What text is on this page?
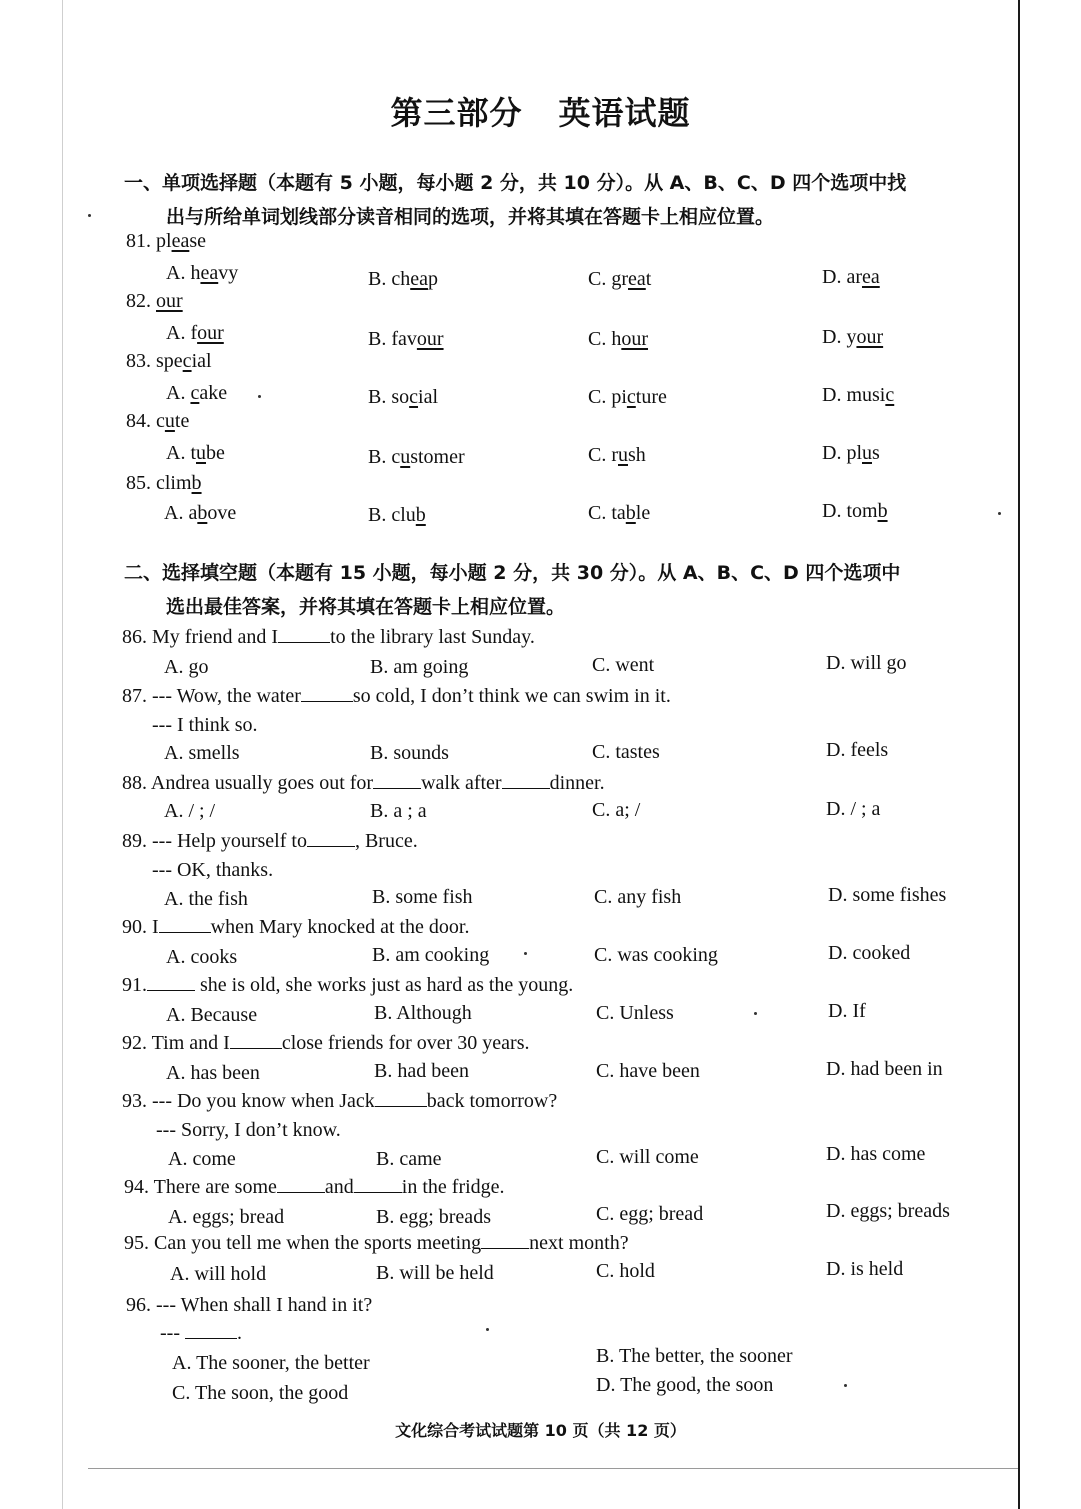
第三部分 英语试题
一、单项选择题（本题有 5 小题，每小题 2 分，共 10 分）。从 A、B、C、D 四个选项中找
出与所给单词划线部分读音相同的选项，并将其填在答题卡上相应位置。
81. please
A. heavy	B. cheap	C. great	D. area
82. our
A. four	B. favour	C. hour	D. your
83. special
A. cake	B. social	C. picture	D. music
84. cute
A. tube	B. customer	C. rush	D. plus
85. climb
A. above	B. club	C. table	D. tomb
二、选择填空题（本题有 15 小题，每小题 2 分，共 30 分）。从 A、B、C、D 四个选项中
选出最佳答案，并将其填在答题卡上相应位置。
86. My friend and I	to the library last Sunday.
A. go	B. am going	C. went	D. will go
87. --- Wow, the water	so cold, I don’t think we can swim in it.
--- I think so.
A. smells	B. sounds	C. tastes	D. feels
88. Andrea usually goes out for walk after dinner.
A. / ; /	B. a ; a	C. a; /	D. / ; a
89. --- Help yourself to , Bruce.
--- OK, thanks.
A. the fish	B. some fish	C. any fish	D. some fishes
90. I	when Mary knocked at the door.
A. cooks	B. am cooking	C. was cooking	D. cooked
91. she is old, she works just as hard as the young.
A. Because	B. Although	C. Unless	D. If
92. Tim and I	close friends for over 30 years.
A. has been	B. had been	C. have been	D. had been in
93. --- Do you know when Jack	back tomorrow?
--- Sorry, I don’t know.
A. come	B. came	C. will come	D. has come
94. There are some and in the fridge.
A. eggs; bread	B. egg; breads	C. egg; bread	D. eggs; breads
95. Can you tell me when the sports meeting next month?
A. will hold	B. will be held	C. hold	D. is held
96. --- When shall I hand in it?
---	.
A. The sooner, the better	B. The better, the sooner
C. The soon, the good	D. The good, the soon
文化综合考试试题第 10 页（共 12 页）
